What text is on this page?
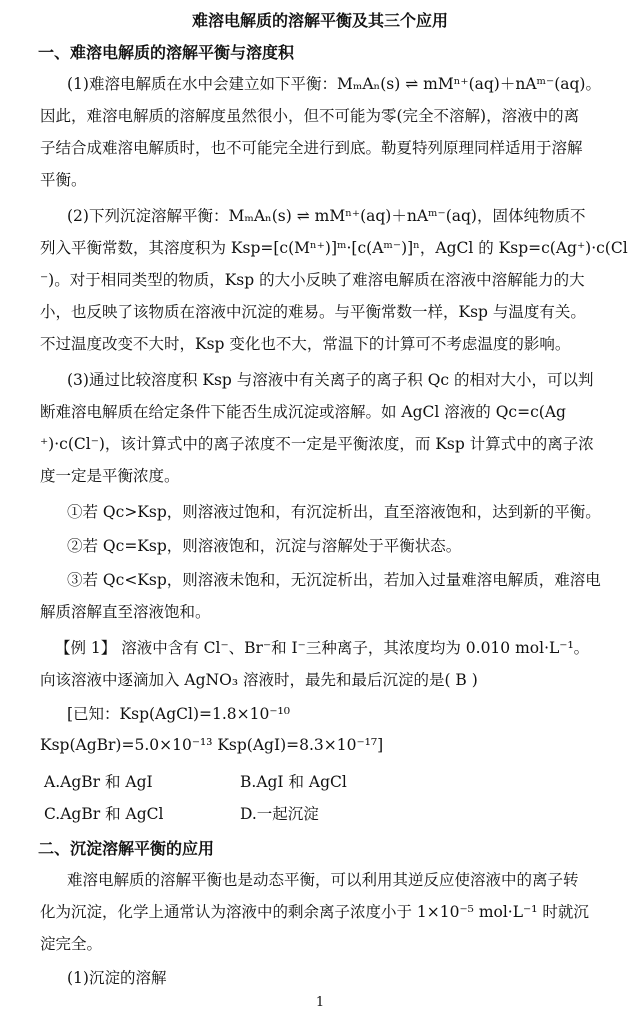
难溶电解质的溶解平衡及其三个应用
一、难溶电解质的溶解平衡与溶度积
(1)难溶电解质在水中会建立如下平衡：MₘAₙ(s) ⇌ mMⁿ⁺(aq)＋nAᵐ⁻(aq)。
因此，难溶电解质的溶解度虽然很小，但不可能为零(完全不溶解)，溶液中的离
子结合成难溶电解质时，也不可能完全进行到底。勒夏特列原理同样适用于溶解
平衡。
(2)下列沉淀溶解平衡：MₘAₙ(s) ⇌ mMⁿ⁺(aq)＋nAᵐ⁻(aq)，固体纯物质不
列入平衡常数，其溶度积为 Ksp=[c(Mⁿ⁺)]ᵐ·[c(Aᵐ⁻)]ⁿ，AgCl 的 Ksp=c(Ag⁺)·c(Cl
⁻)。对于相同类型的物质，Ksp 的大小反映了难溶电解质在溶液中溶解能力的大
小，也反映了该物质在溶液中沉淀的难易。与平衡常数一样，Ksp 与温度有关。
不过温度改变不大时，Ksp 变化也不大，常温下的计算可不考虑温度的影响。
(3)通过比较溶度积 Ksp 与溶液中有关离子的离子积 Qc 的相对大小，可以判
断难溶电解质在给定条件下能否生成沉淀或溶解。如 AgCl 溶液的 Qc=c(Ag
⁺)·c(Cl⁻)，该计算式中的离子浓度不一定是平衡浓度，而 Ksp 计算式中的离子浓
度一定是平衡浓度。
①若 Qc>Ksp，则溶液过饱和，有沉淀析出，直至溶液饱和，达到新的平衡。
②若 Qc=Ksp，则溶液饱和，沉淀与溶解处于平衡状态。
③若 Qc<Ksp，则溶液未饱和，无沉淀析出，若加入过量难溶电解质，难溶电
解质溶解直至溶液饱和。
【例 1】 溶液中含有 Cl⁻、Br⁻和 I⁻三种离子，其浓度均为 0.010 mol·L⁻¹。
向该溶液中逐滴加入 AgNO₃ 溶液时，最先和最后沉淀的是( B )
[已知：Ksp(AgCl)=1.8×10⁻¹⁰
Ksp(AgBr)=5.0×10⁻¹³ Ksp(AgI)=8.3×10⁻¹⁷]
A.AgBr 和 AgI	B.AgI 和 AgCl
C.AgBr 和 AgCl	D.一起沉淀
二、沉淀溶解平衡的应用
难溶电解质的溶解平衡也是动态平衡，可以利用其逆反应使溶液中的离子转
化为沉淀，化学上通常认为溶液中的剩余离子浓度小于 1×10⁻⁵ mol·L⁻¹ 时就沉
淀完全。
(1)沉淀的溶解
1
